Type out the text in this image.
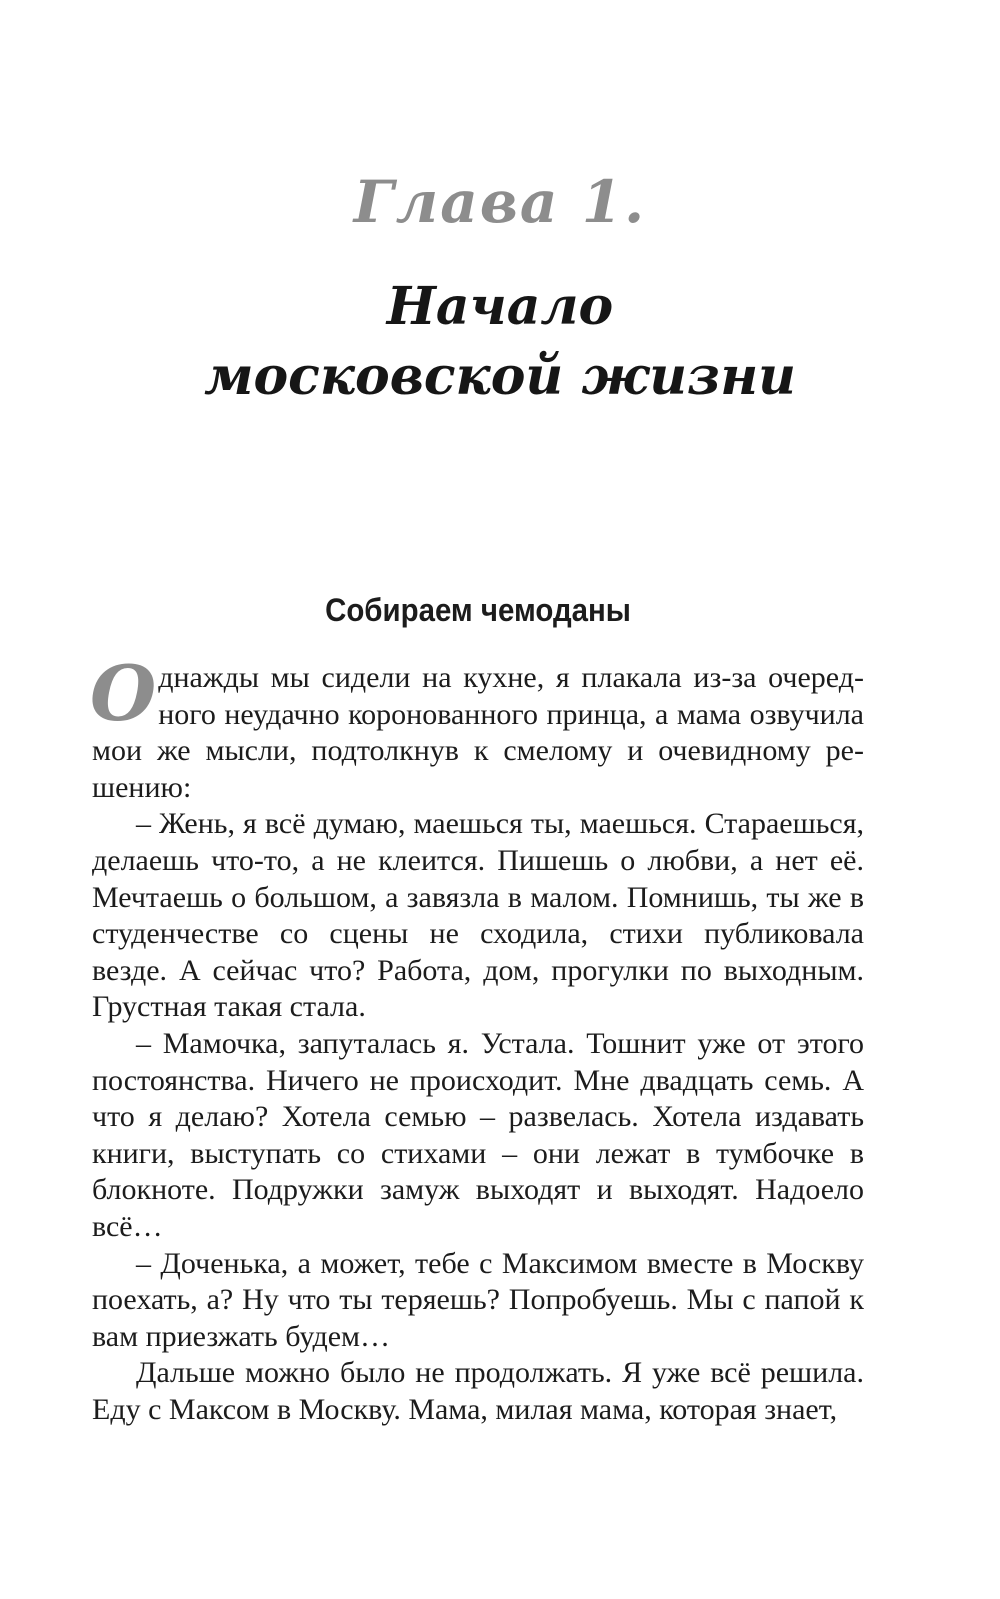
Глава 1.
Начало
московской жизни
Собираем чемоданы

Однажды мы сидели на кухне, я плакала из-за очередного неудачно коронованного принца, а мама озвучила мои же мысли, подтолкнув к смелому и очевидному решению:

– Жень, я всё думаю, маешься ты, маешься. Стараешься, делаешь что-то, а не клеится. Пишешь о любви, а нет её. Мечтаешь о большом, а завязла в малом. Помнишь, ты же в студенчестве со сцены не сходила, стихи публиковала везде. А сейчас что? Работа, дом, прогулки по выходным. Грустная такая стала.

– Мамочка, запуталась я. Устала. Тошнит уже от этого постоянства. Ничего не происходит. Мне двадцать семь. А что я делаю? Хотела семью – развелась. Хотела издавать книги, выступать со стихами – они лежат в тумбочке в блокноте. Подружки замуж выходят и выходят. Надоело всё…

– Доченька, а может, тебе с Максимом вместе в Москву поехать, а? Ну что ты теряешь? Попробуешь. Мы с папой к вам приезжать будем…

Дальше можно было не продолжать. Я уже всё решила. Еду с Максом в Москву. Мама, милая мама, которая знает,
